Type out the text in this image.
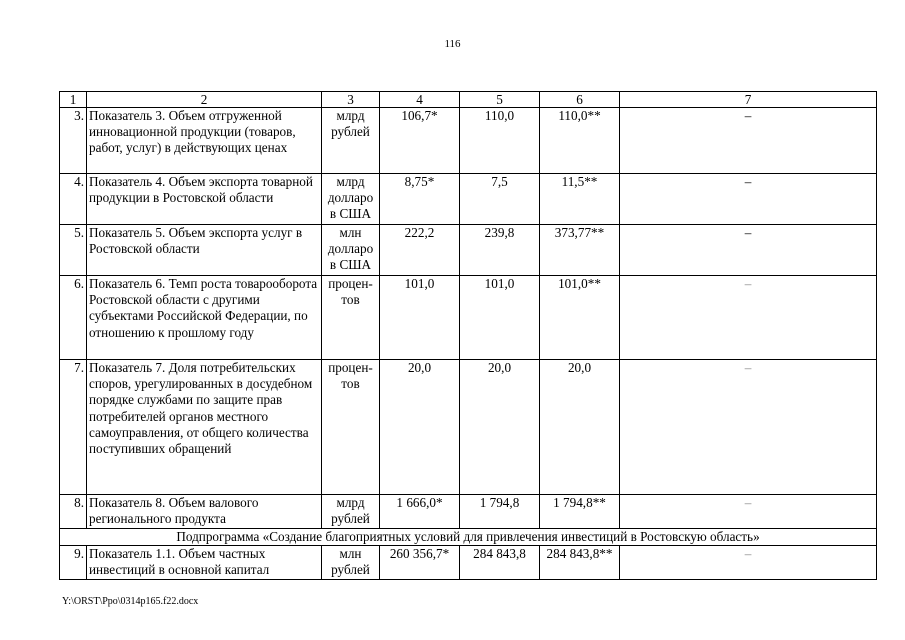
116
1	2	3	4	5	6	7
3.	Показатель 3. Объем отгруженной инновационной продукции (товаров, работ, услуг) в действующих ценах	млрд рублей	106,7*	110,0	110,0**	–
4.	Показатель 4. Объем экспорта товарной продукции в Ростовской области	млрд долларо в США	8,75*	7,5	11,5**	–
5.	Показатель 5. Объем экспорта услуг в Ростовской области	млн долларо в США	222,2	239,8	373,77**	–
6.	Показатель 6. Темп роста товарооборота Ростовской области с другими субъектами Российской Федерации, по отношению к прошлому году	процен-тов	101,0	101,0	101,0**	–
7.	Показатель 7. Доля потребительских споров, урегулированных в досудебном порядке службами по защите прав потребителей органов местного самоуправления, от общего количества поступивших обращений	процен-тов	20,0	20,0	20,0	–
8.	Показатель 8. Объем валового регионального продукта	млрд рублей	1 666,0*	1 794,8	1 794,8**	–
Подпрограмма «Создание благоприятных условий для привлечения инвестиций в Ростовскую область»						
9.	Показатель 1.1. Объем частных инвестиций в основной капитал	млн рублей	260 356,7*	284 843,8	284 843,8**	–
Y:\ORST\Ppo\0314p165.f22.docx
